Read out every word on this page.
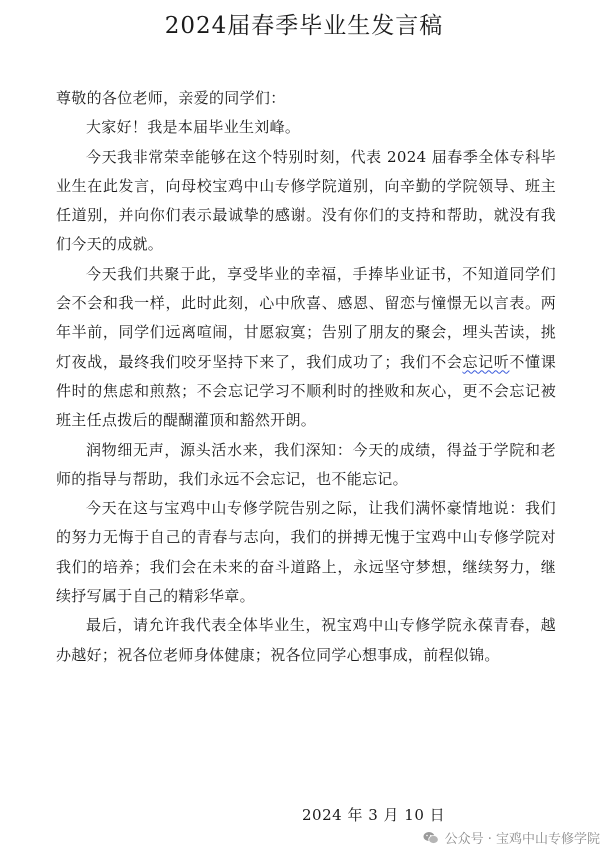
2024届春季毕业生发言稿

尊敬的各位老师，亲爱的同学们：

大家好！我是本届毕业生刘峰。

今天我非常荣幸能够在这个特别时刻，代表 2024 届春季全体专科毕业生在此发言，向母校宝鸡中山专修学院道别，向辛勤的学院领导、班主任道别，并向你们表示最诚挚的感谢。没有你们的支持和帮助，就没有我们今天的成就。

今天我们共聚于此，享受毕业的幸福，手捧毕业证书，不知道同学们会不会和我一样，此时此刻，心中欣喜、感恩、留恋与憧憬无以言表。两年半前，同学们远离喧闹，甘愿寂寞；告别了朋友的聚会，埋头苦读，挑灯夜战，最终我们咬牙坚持下来了，我们成功了；我们不会忘记听不懂课件时的焦虑和煎熬；不会忘记学习不顺利时的挫败和灰心，更不会忘记被班主任点拨后的醍醐灌顶和豁然开朗。

润物细无声，源头活水来，我们深知：今天的成绩，得益于学院和老师的指导与帮助，我们永远不会忘记，也不能忘记。

今天在这与宝鸡中山专修学院告别之际，让我们满怀豪情地说：我们的努力无悔于自己的青春与志向，我们的拼搏无愧于宝鸡中山专修学院对我们的培养；我们会在未来的奋斗道路上，永远坚守梦想，继续努力，继续抒写属于自己的精彩华章。

最后，请允许我代表全体毕业生，祝宝鸡中山专修学院永葆青春，越办越好；祝各位老师身体健康；祝各位同学心想事成，前程似锦。

2024 年 3 月 10 日
公众号 · 宝鸡中山专修学院
